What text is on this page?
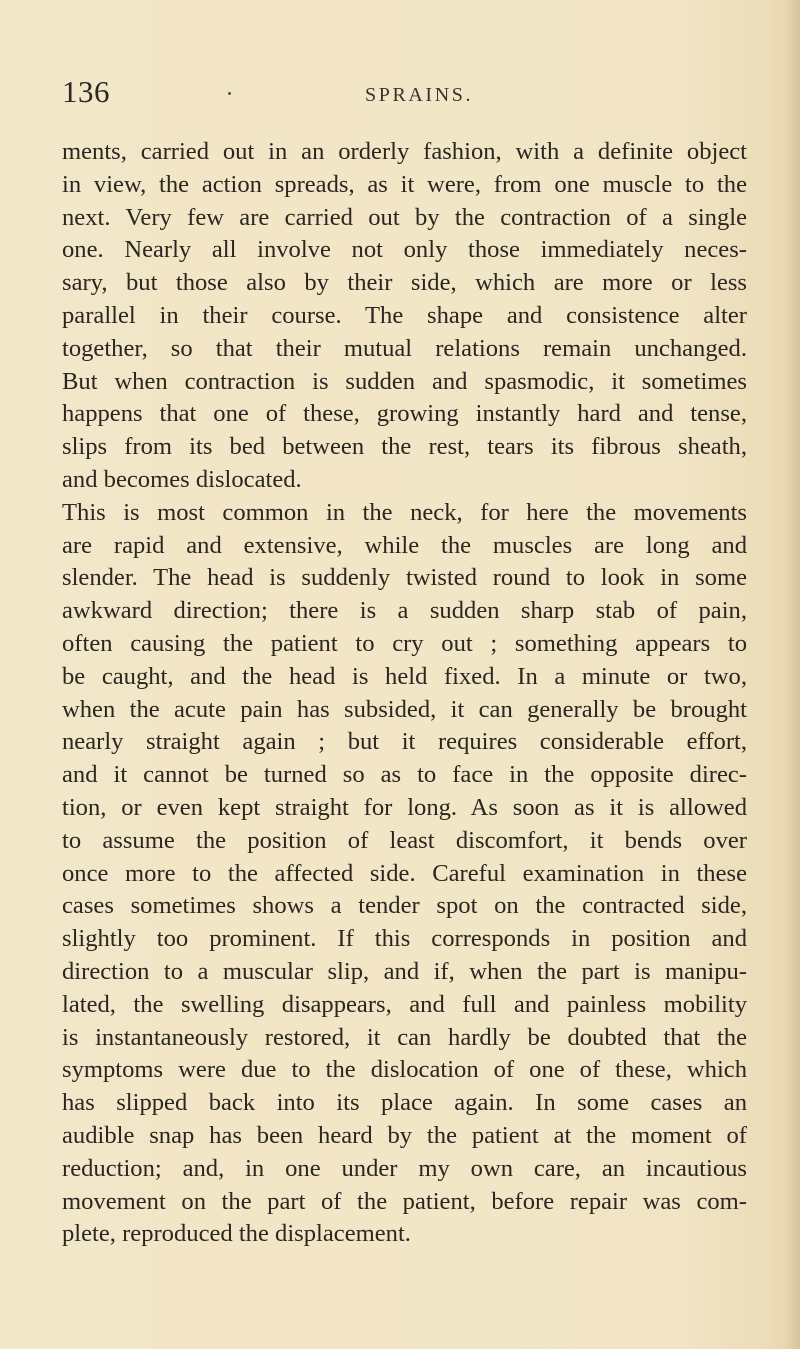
136	SPRAINS.
ments, carried out in an orderly fashion, with a definite object
in view, the action spreads, as it were, from one muscle to the
next. Very few are carried out by the contraction of a single
one. Nearly all involve not only those immediately neces-
sary, but those also by their side, which are more or less
parallel in their course. The shape and consistence alter
together, so that their mutual relations remain unchanged.
But when contraction is sudden and spasmodic, it sometimes
happens that one of these, growing instantly hard and tense,
slips from its bed between the rest, tears its fibrous sheath,
and becomes dislocated.
This is most common in the neck, for here the movements
are rapid and extensive, while the muscles are long and
slender. The head is suddenly twisted round to look in some
awkward direction; there is a sudden sharp stab of pain,
often causing the patient to cry out ; something appears to
be caught, and the head is held fixed. In a minute or two,
when the acute pain has subsided, it can generally be brought
nearly straight again ; but it requires considerable effort,
and it cannot be turned so as to face in the opposite direc-
tion, or even kept straight for long. As soon as it is allowed
to assume the position of least discomfort, it bends over
once more to the affected side. Careful examination in these
cases sometimes shows a tender spot on the contracted side,
slightly too prominent. If this corresponds in position and
direction to a muscular slip, and if, when the part is manipu-
lated, the swelling disappears, and full and painless mobility
is instantaneously restored, it can hardly be doubted that the
symptoms were due to the dislocation of one of these, which
has slipped back into its place again. In some cases an
audible snap has been heard by the patient at the moment of
reduction; and, in one under my own care, an incautious
movement on the part of the patient, before repair was com-
plete, reproduced the displacement.
